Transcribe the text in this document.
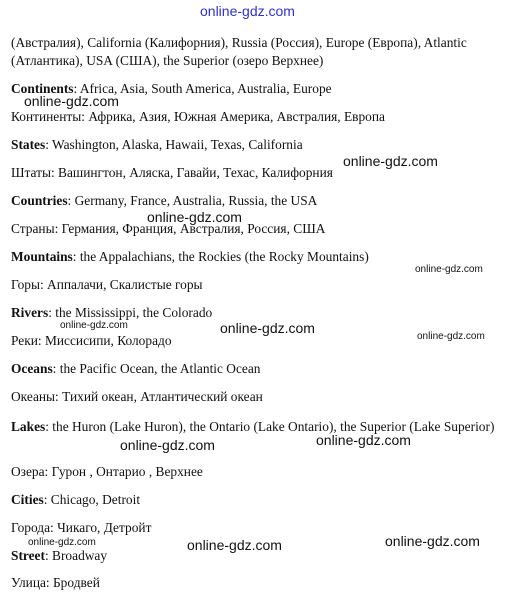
online-gdz.com
(Австралия), California (Калифорния), Russia (Россия), Europe (Европа), Atlantic (Атлантика), USA (США), the Superior (озеро Верхнее)
Continents: Africa, Asia, South America, Australia, Europe
Континенты: Африка, Азия, Южная Америка, Австралия, Европа
States: Washington, Alaska, Hawaii, Texas, California
Штаты: Вашингтон, Аляска, Гавайи, Техас, Калифорния
Countries: Germany, France, Australia, Russia, the USA
Страны: Германия, Франция, Австралия, Россия, США
Mountains: the Appalachians, the Rockies (the Rocky Mountains)
Горы: Аппалачи, Скалистые горы
Rivers: the Mississippi, the Colorado
Реки: Миссисипи, Колорадо
Oceans: the Pacific Ocean, the Atlantic Ocean
Океаны: Тихий океан, Атлантический океан
Lakes: the Huron (Lake Huron), the Ontario (Lake Ontario), the Superior (Lake Superior)
Озера: Гурон , Онтарио , Верхнее
Cities: Chicago, Detroit
Города: Чикаго, Детройт
Street: Broadway
Улица: Бродвей
online-gdz.com
online-gdz.com
online-gdz.com
online-gdz.com
online-gdz.com	online-gdz.com
online-gdz.com
online-gdz.com	online-gdz.com
online-gdz.com	online-gdz.com	online-gdz.com
